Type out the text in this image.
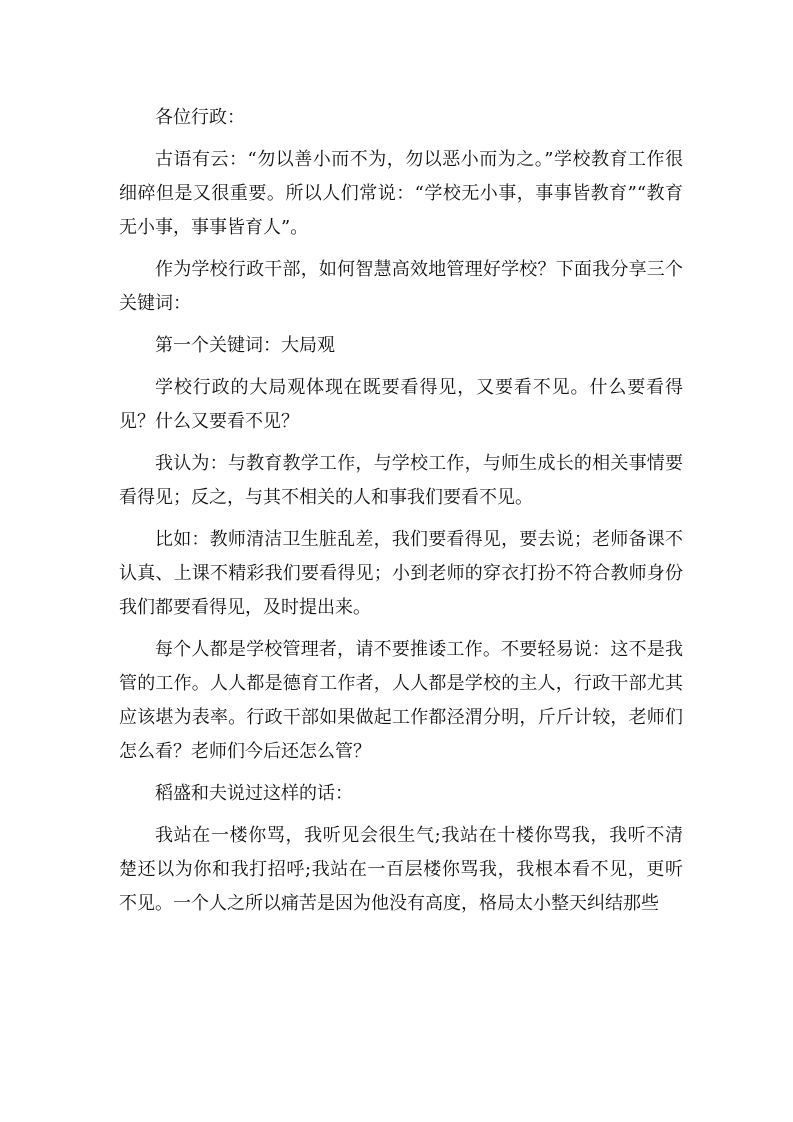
各位行政：

古语有云：“勿以善小而不为，勿以恶小而为之。”学校教育工作很细碎但是又很重要。所以人们常说：“学校无小事，事事皆教育”“教育无小事，事事皆育人”。

作为学校行政干部，如何智慧高效地管理好学校？下面我分享三个关键词：

第一个关键词：大局观

学校行政的大局观体现在既要看得见，又要看不见。什么要看得见？什么又要看不见？

我认为：与教育教学工作，与学校工作，与师生成长的相关事情要看得见；反之，与其不相关的人和事我们要看不见。

比如：教师清洁卫生脏乱差，我们要看得见，要去说；老师备课不认真、上课不精彩我们要看得见；小到老师的穿衣打扮不符合教师身份我们都要看得见，及时提出来。

每个人都是学校管理者，请不要推诿工作。不要轻易说：这不是我管的工作。人人都是德育工作者，人人都是学校的主人，行政干部尤其应该堪为表率。行政干部如果做起工作都泾渭分明，斤斤计较，老师们怎么看？老师们今后还怎么管？

稻盛和夫说过这样的话：

我站在一楼你骂，我听见会很生气;我站在十楼你骂我，我听不清楚还以为你和我打招呼;我站在一百层楼你骂我，我根本看不见，更听不见。一个人之所以痛苦是因为他没有高度，格局太小整天纠结那些
